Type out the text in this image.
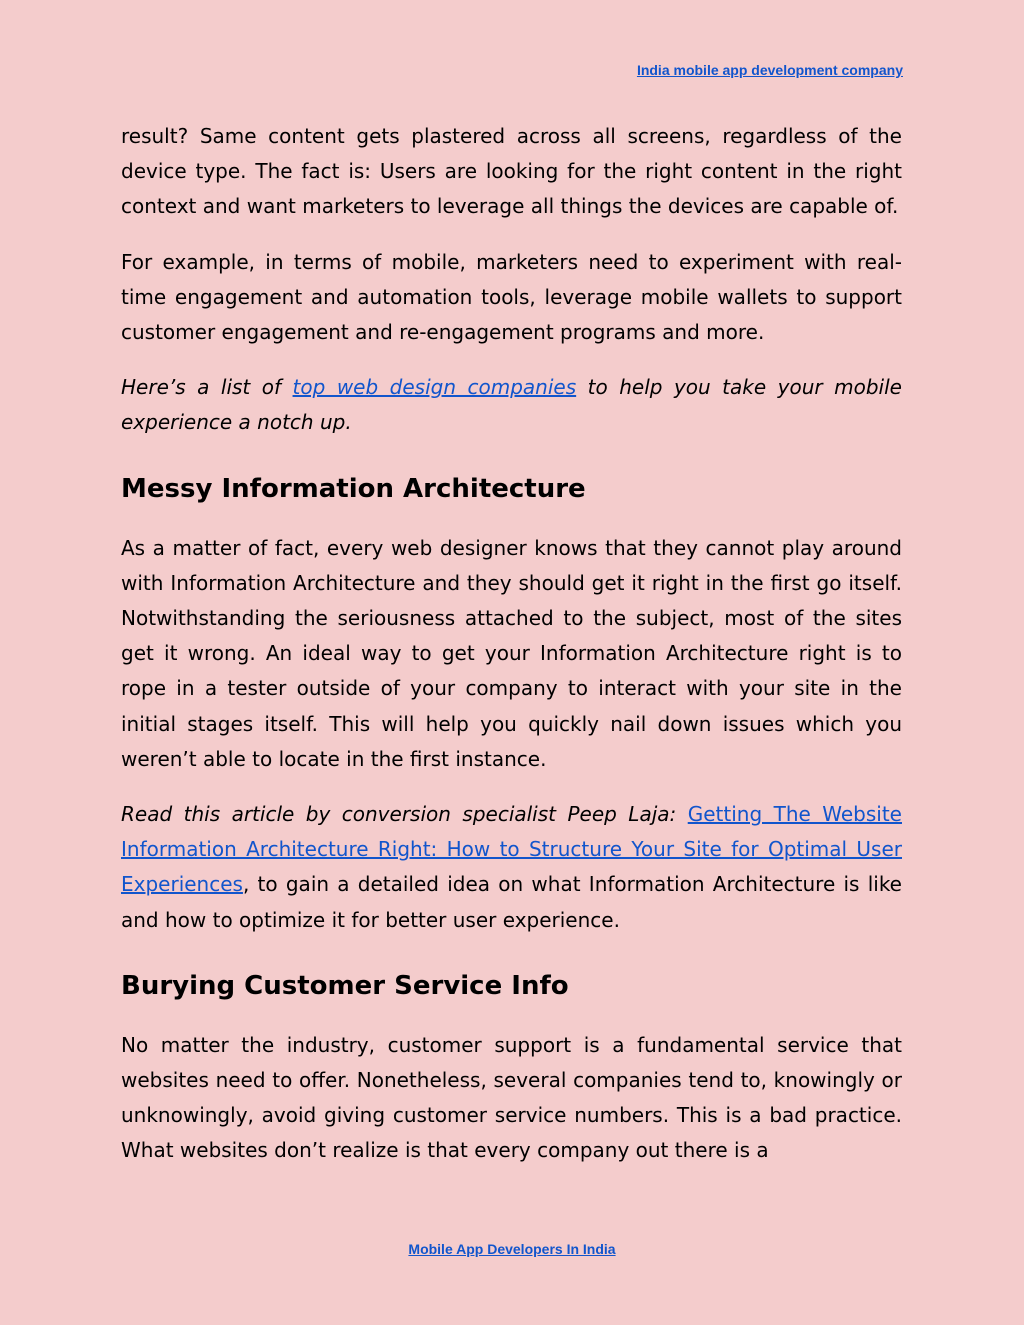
India mobile app development company

result? Same content gets plastered across all screens, regardless of the device type. The fact is: Users are looking for the right content in the right context and want marketers to leverage all things the devices are capable of.

For example, in terms of mobile, marketers need to experiment with real-time engagement and automation tools, leverage mobile wallets to support customer engagement and re-engagement programs and more.

Here’s a list of top web design companies to help you take your mobile experience a notch up.

Messy Information Architecture

As a matter of fact, every web designer knows that they cannot play around with Information Architecture and they should get it right in the first go itself. Notwithstanding the seriousness attached to the subject, most of the sites get it wrong. An ideal way to get your Information Architecture right is to rope in a tester outside of your company to interact with your site in the initial stages itself. This will help you quickly nail down issues which you weren’t able to locate in the first instance.

Read this article by conversion specialist Peep Laja: Getting The Website Information Architecture Right: How to Structure Your Site for Optimal User Experiences, to gain a detailed idea on what Information Architecture is like and how to optimize it for better user experience.

Burying Customer Service Info

No matter the industry, customer support is a fundamental service that websites need to offer. Nonetheless, several companies tend to, knowingly or unknowingly, avoid giving customer service numbers. This is a bad practice. What websites don’t realize is that every company out there is a

Mobile App Developers In India
